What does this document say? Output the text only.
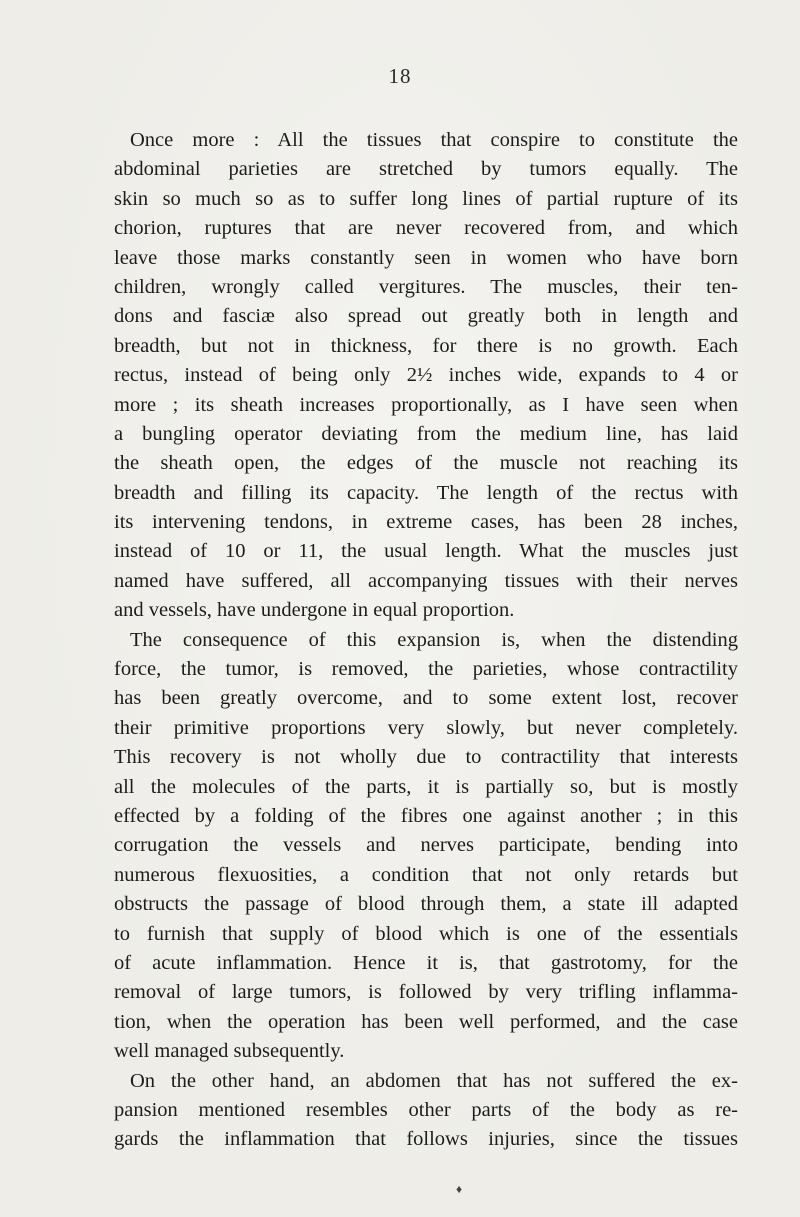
18
Once more : All the tissues that conspire to constitute the
abdominal parieties are stretched by tumors equally. The
skin so much so as to suffer long lines of partial rupture of its
chorion, ruptures that are never recovered from, and which
leave those marks constantly seen in women who have born
children, wrongly called vergitures. The muscles, their ten-
dons and fasciæ also spread out greatly both in length and
breadth, but not in thickness, for there is no growth. Each
rectus, instead of being only 2½ inches wide, expands to 4 or
more ; its sheath increases proportionally, as I have seen when
a bungling operator deviating from the medium line, has laid
the sheath open, the edges of the muscle not reaching its
breadth and filling its capacity. The length of the rectus with
its intervening tendons, in extreme cases, has been 28 inches,
instead of 10 or 11, the usual length. What the muscles just
named have suffered, all accompanying tissues with their nerves
and vessels, have undergone in equal proportion.
The consequence of this expansion is, when the distending
force, the tumor, is removed, the parieties, whose contractility
has been greatly overcome, and to some extent lost, recover
their primitive proportions very slowly, but never completely.
This recovery is not wholly due to contractility that interests
all the molecules of the parts, it is partially so, but is mostly
effected by a folding of the fibres one against another ; in this
corrugation the vessels and nerves participate, bending into
numerous flexuosities, a condition that not only retards but
obstructs the passage of blood through them, a state ill adapted
to furnish that supply of blood which is one of the essentials
of acute inflammation. Hence it is, that gastrotomy, for the
removal of large tumors, is followed by very trifling inflamma-
tion, when the operation has been well performed, and the case
well managed subsequently.
On the other hand, an abdomen that has not suffered the ex-
pansion mentioned resembles other parts of the body as re-
gards the inflammation that follows injuries, since the tissues
♦
